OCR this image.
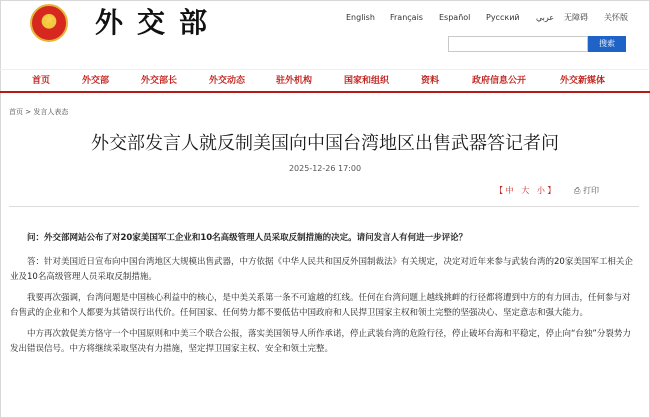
★ 外交部	English Français Español Русский عربي 无障碍 关怀版
搜索
首页	外交部	外交部长	外交动态	驻外机构	国家和组织	资料	政府信息公开	外交新媒体
首页 > 发言人表态
外交部发言人就反制美国向中国台湾地区出售武器答记者问
2025-12-26 17:00
【 中 大 小 】 ⎙ 打印

问：外交部网站公布了对20家美国军工企业和10名高级管理人员采取反制措施的决定。请问发言人有何进一步评论？

答：针对美国近日宣布向中国台湾地区大规模出售武器，中方依据《中华人民共和国反外国制裁法》有关规定，决定对近年来参与武装台湾的20家美国军工相关企业及10名高级管理人员采取反制措施。

我要再次强调，台湾问题是中国核心利益中的核心，是中美关系第一条不可逾越的红线。任何在台湾问题上越线挑衅的行径都将遭到中方的有力回击，任何参与对台售武的企业和个人都要为其错误行出代价。任何国家、任何势力都不要低估中国政府和人民捍卫国家主权和领土完整的坚强决心、坚定意志和强大能力。

中方再次敦促美方恪守一个中国原则和中美三个联合公报，落实美国领导人所作承诺，停止武装台湾的危险行径，停止破坏台海和平稳定，停止向“台独”分裂势力发出错误信号。中方将继续采取坚决有力措施，坚定捍卫国家主权、安全和领土完整。
